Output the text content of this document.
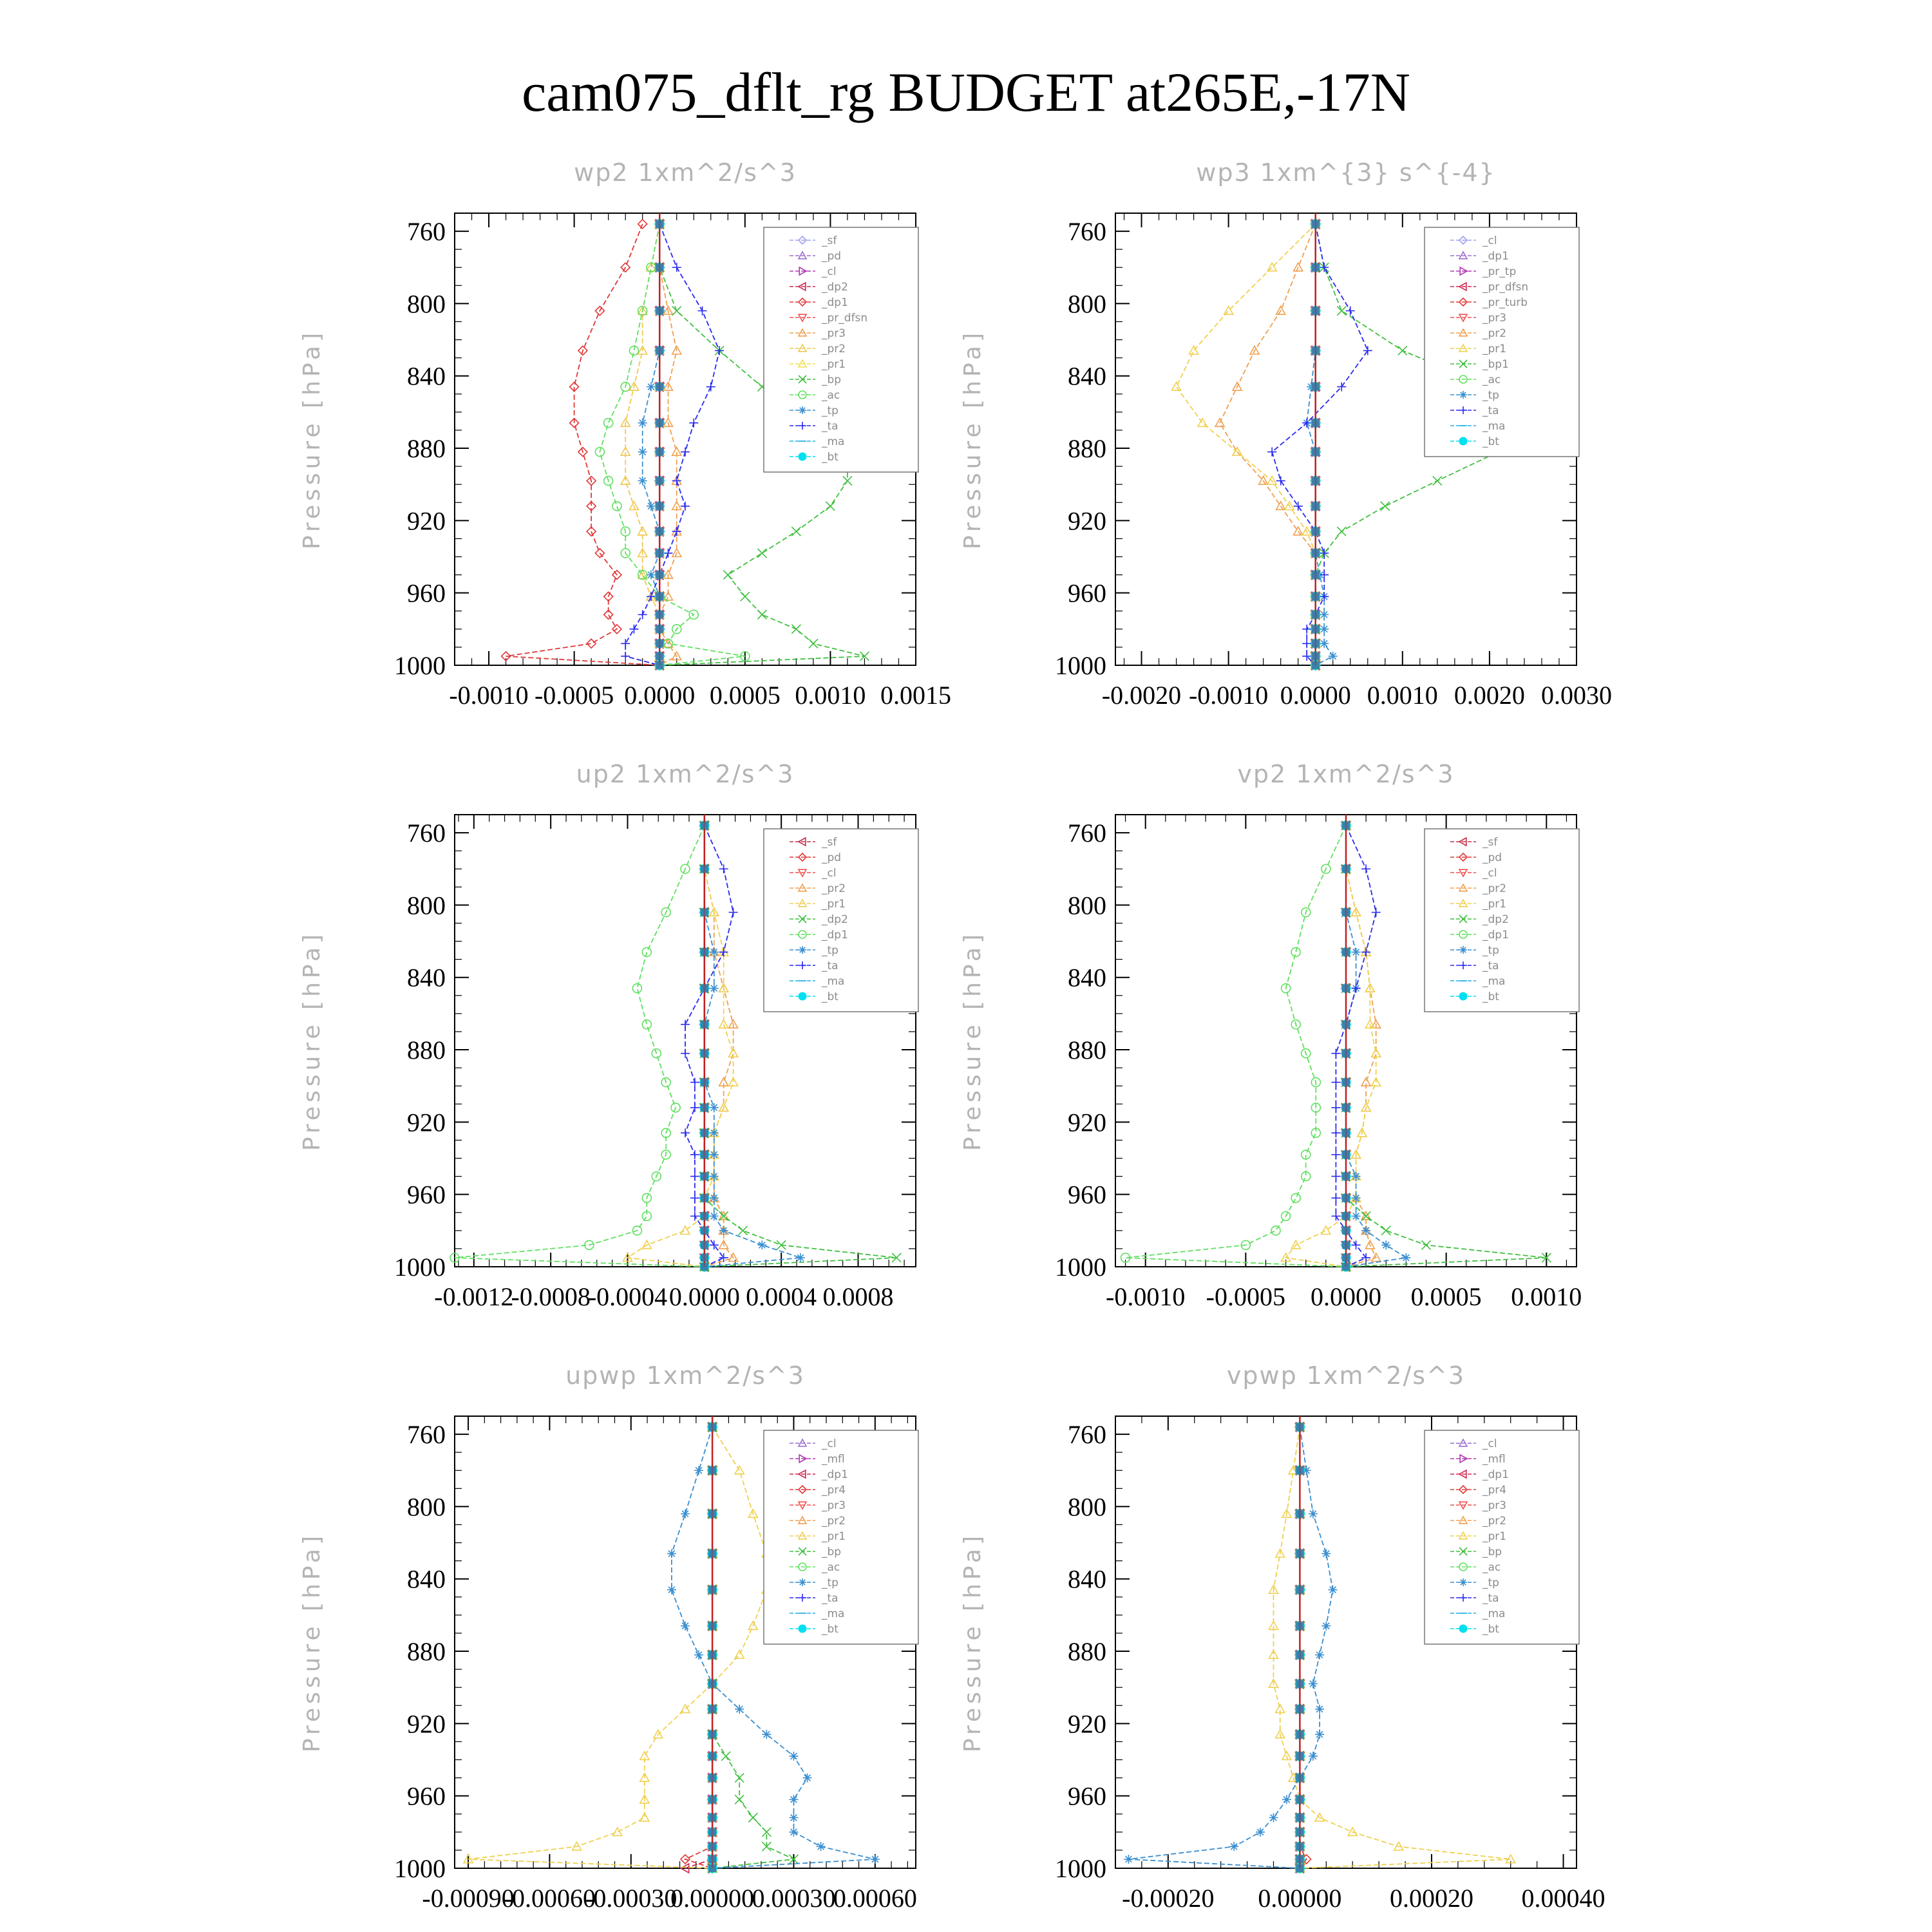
cam075_dflt_rg BUDGET at265E,-17N
wp2 1xm^2/s^3
Pressure [hPa]
760
800
840
880
920
960
1000
-0.0010 -0.0005 0.0000 0.0005 0.0010 0.0015
_sf
_pd
_cl
_dp2
_dp1
_pr_dfsn
_pr3
_pr2
_pr1
_bp
_ac
_tp
_ta
_ma
_bt
wp3 1xm^{3} s^{-4}
Pressure [hPa]
760
800
840
880
920
960
1000
-0.0020 -0.0010 0.0000 0.0010 0.0020 0.0030
_cl
_dp1
_pr_tp
_pr_dfsn
_pr_turb
_pr3
_pr2
_pr1
_bp1
_ac
_tp
_ta
_ma
_bt
up2 1xm^2/s^3
Pressure [hPa]
760
800
840
880
920
960
1000
-0.0012
-0.0008
-0.0004 0.0000 0.0004 0.0008
_sf
_pd
_cl
_pr2
_pr1
_dp2
_dp1
_tp
_ta
_ma
_bt
vp2 1xm^2/s^3
Pressure [hPa]
760
800
840
880
920
960
1000
-0.0010 -0.0005 0.0000 0.0005 0.0010
_sf
_pd
_cl
_pr2
_pr1
_dp2
_dp1
_tp
_ta
_ma
_bt
upwp 1xm^2/s^3
Pressure [hPa]
760
800
840
880
920
960
1000
-0.00090
-0.00060
-0.00030
0.00000
0.00030
0.00060
_cl
_mfl
_dp1
_pr4
_pr3
_pr2
_pr1
_bp
_ac
_tp
_ta
_ma
_bt
vpwp 1xm^2/s^3
Pressure [hPa]
760
800
840
880
920
960
1000
-0.00020 0.00000 0.00020 0.00040
_cl
_mfl
_dp1
_pr4
_pr3
_pr2
_pr1
_bp
_ac
_tp
_ta
_ma
_bt
